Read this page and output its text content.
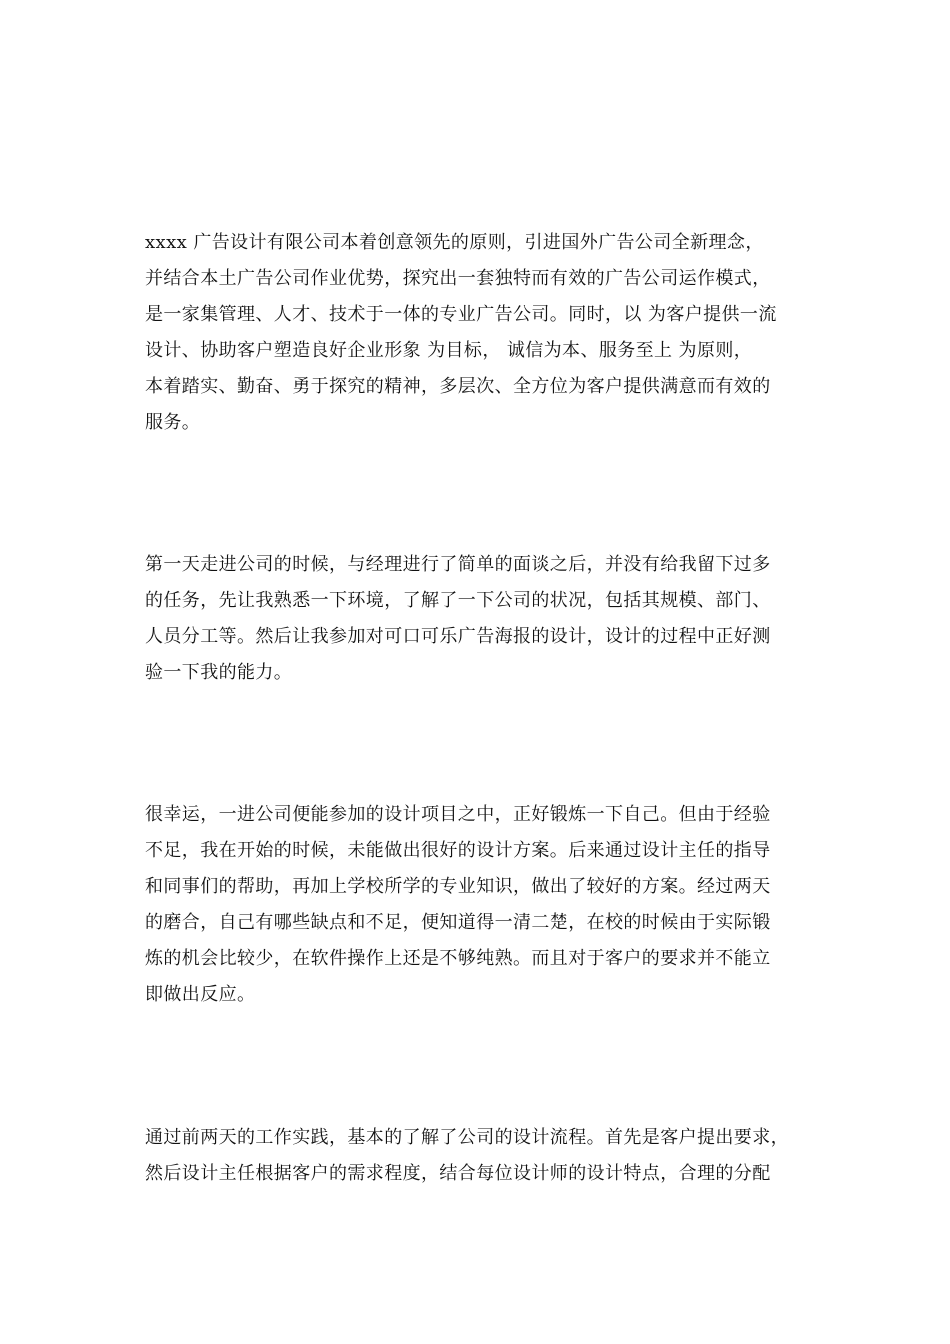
xxxx 广告设计有限公司本着创意领先的原则，引进国外广告公司全新理念，
并结合本土广告公司作业优势，探究出一套独特而有效的广告公司运作模式，
是一家集管理、人才、技术于一体的专业广告公司。同时，以 为客户提供一流
设计、协助客户塑造良好企业形象 为目标， 诚信为本、服务至上 为原则，
本着踏实、勤奋、勇于探究的精神，多层次、全方位为客户提供满意而有效的
服务。
第一天走进公司的时候，与经理进行了简单的面谈之后，并没有给我留下过多
的任务，先让我熟悉一下环境，了解了一下公司的状况，包括其规模、部门、
人员分工等。然后让我参加对可口可乐广告海报的设计，设计的过程中正好测
验一下我的能力。
很幸运，一进公司便能参加的设计项目之中，正好锻炼一下自己。但由于经验
不足，我在开始的时候，未能做出很好的设计方案。后来通过设计主任的指导
和同事们的帮助，再加上学校所学的专业知识，做出了较好的方案。经过两天
的磨合，自己有哪些缺点和不足，便知道得一清二楚，在校的时候由于实际锻
炼的机会比较少，在软件操作上还是不够纯熟。而且对于客户的要求并不能立
即做出反应。
通过前两天的工作实践，基本的了解了公司的设计流程。首先是客户提出要求，
然后设计主任根据客户的需求程度，结合每位设计师的设计特点，合理的分配
